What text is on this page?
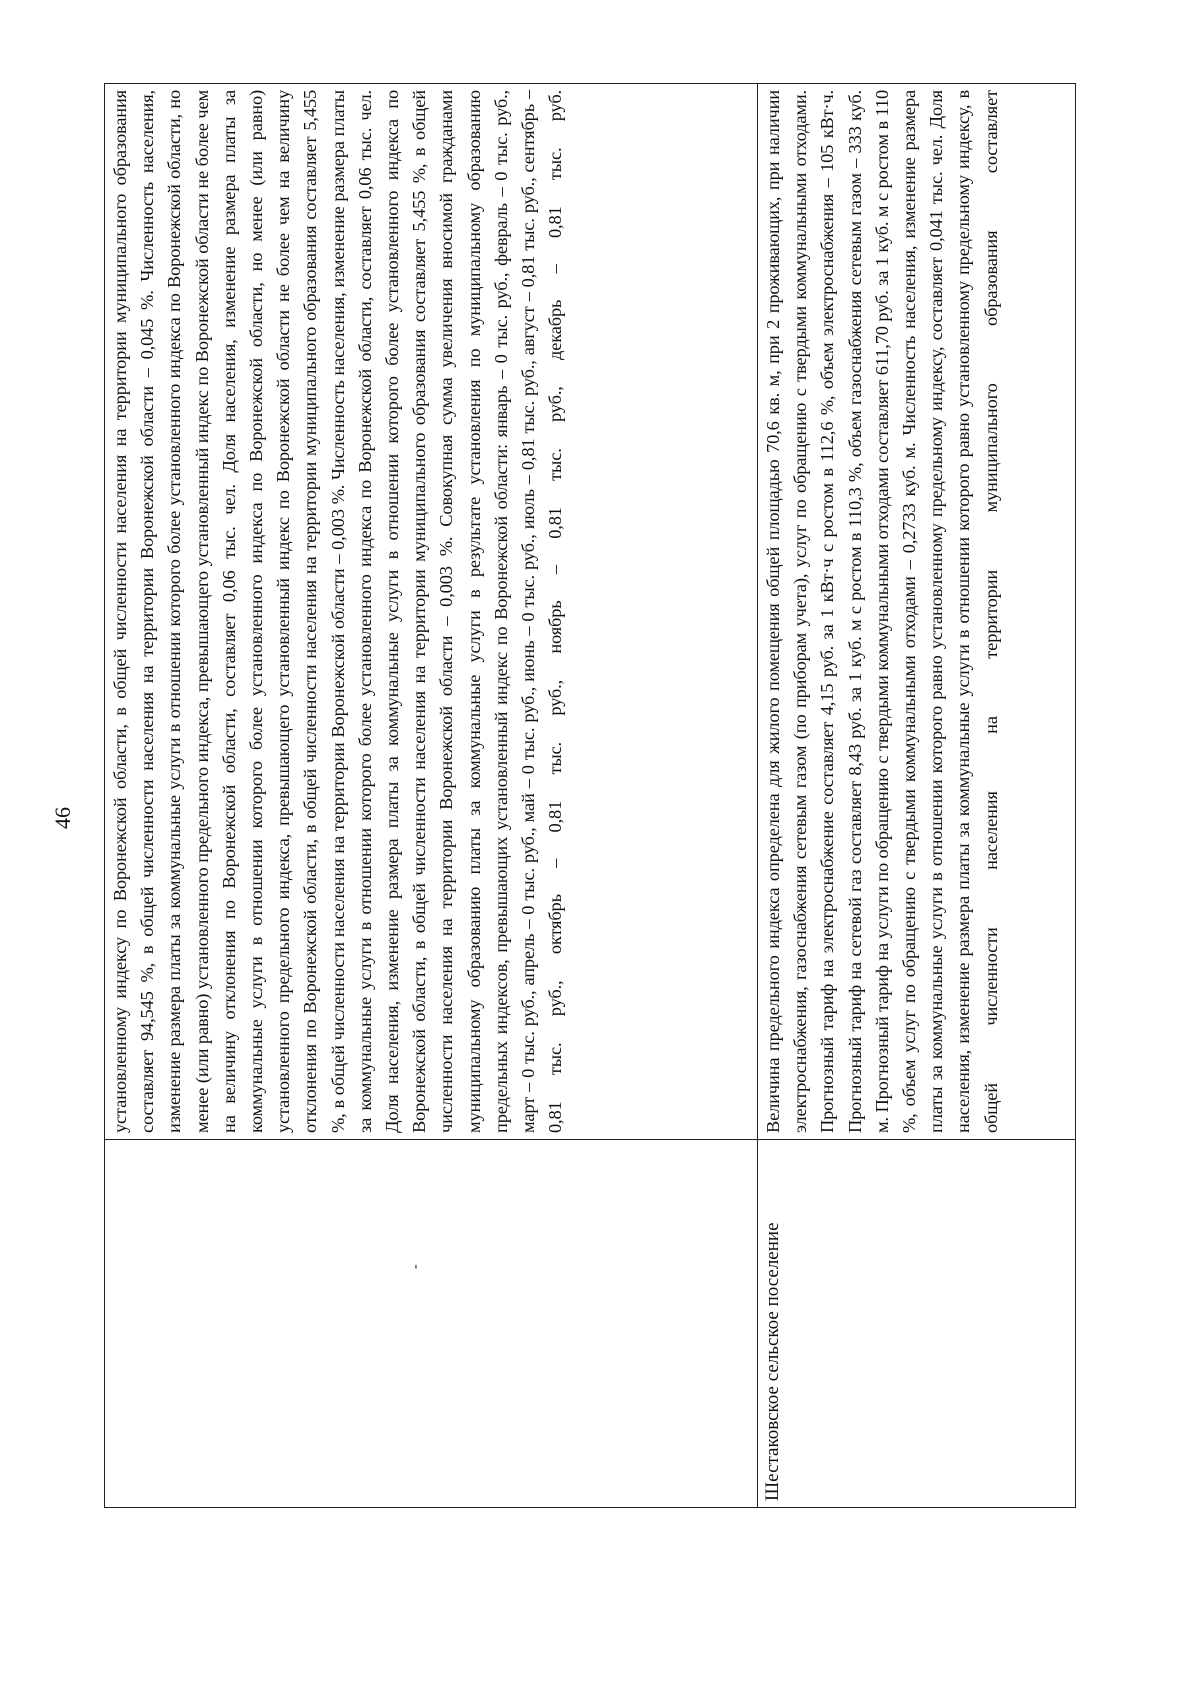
46
-	установленному индексу по Воронежской области, в общей численности населения на территории муниципального образования составляет 94,545 %, в общей численности населения на территории Воронежской области – 0,045 %. Численность населения, изменение размера платы за коммунальные услуги в отношении которого более установленного индекса по Воронежской области, но менее (или равно) установленного предельного индекса, превышающего установленный индекс по Воронежской области не более чем на величину отклонения по Воронежской области, составляет 0,06 тыс. чел. Доля населения, изменение размера платы за коммунальные услуги в отношении которого более установленного индекса по Воронежской области, но менее (или равно) установленного предельного индекса, превышающего установленный индекс по Воронежской области не более чем на величину отклонения по Воронежской области, в общей численности населения на территории муниципального образования составляет 5,455 %, в общей численности населения на территории Воронежской области – 0,003 %. Численность населения, изменение размера платы за коммунальные услуги в отношении которого более установленного индекса по Воронежской области, составляет 0,06 тыс. чел. Доля населения, изменение размера платы за коммунальные услуги в отношении которого более установленного индекса по Воронежской области, в общей численности населения на территории муниципального образования составляет 5,455 %, в общей численности населения на территории Воронежской области – 0,003 %. Совокупная сумма увеличения вносимой гражданами муниципальному образованию платы за коммунальные услуги в результате установления по муниципальному образованию предельных индексов, превышающих установленный индекс по Воронежской области: январь – 0 тыс. руб., февраль – 0 тыс. руб., март – 0 тыс. руб., апрель – 0 тыс. руб., май – 0 тыс. руб., июнь – 0 тыс. руб., июль – 0,81 тыс. руб., август – 0,81 тыс. руб., сентябрь – 0,81 тыс. руб., октябрь – 0,81 тыс. руб., ноябрь – 0,81 тыс. руб., декабрь – 0,81 тыс. руб.
Шестаковское сельское поселение	Величина предельного индекса определена для жилого помещения общей площадью 70,6 кв. м, при 2 проживающих, при наличии электроснабжения, газоснабжения сетевым газом (по приборам учета), услуг по обращению с твердыми коммунальными отходами. Прогнозный тариф на электроснабжение составляет 4,15 руб. за 1 кВт·ч с ростом в 112,6 %, объем электроснабжения – 105 кВт·ч. Прогнозный тариф на сетевой газ составляет 8,43 руб. за 1 куб. м с ростом в 110,3 %, объем газоснабжения сетевым газом – 333 куб. м. Прогнозный тариф на услуги по обращению с твердыми коммунальными отходами составляет 611,70 руб. за 1 куб. м с ростом в 110 %, объем услуг по обращению с твердыми коммунальными отходами – 0,2733 куб. м. Численность населения, изменение размера платы за коммунальные услуги в отношении которого равно установленному предельному индексу, составляет 0,041 тыс. чел. Доля населения, изменение размера платы за коммунальные услуги в отношении которого равно установленному предельному индексу, в общей численности населения на территории муниципального образования составляет
